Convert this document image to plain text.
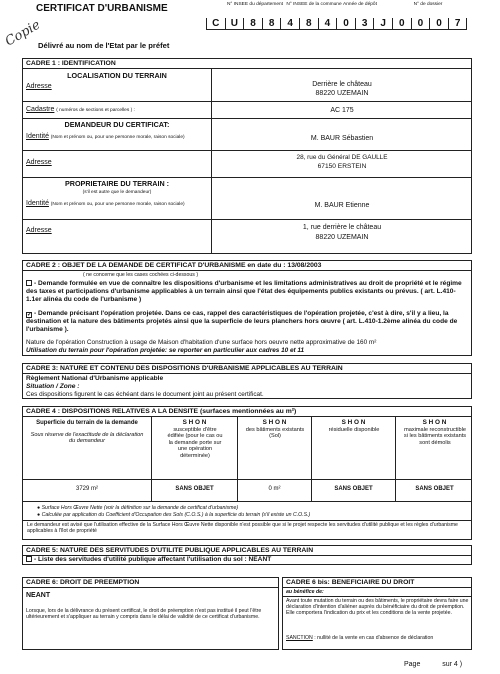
Copie
CERTIFICAT D'URBANISME	N° INSEE du département N° INSEE de la commune Année de dépôt	N° de dossier
C	U	8	8	4	8	4	0	3	J	0	0	0	7
Délivré au nom de l'Etat par le préfet
CADRE 1 : IDENTIFICATION
LOCALISATION DU TERRAIN
Adresse	Derrière le château
88220 UZEMAIN
Cadastre ( numéros de sections et parcelles ) :	AC 175
DEMANDEUR DU CERTIFICAT:
Identité (Nom et prénom ou, pour une personne morale, raison sociale)	M. BAUR Sébastien
Adresse
28, rue du Général DE GAULLE
67150 ERSTEIN
PROPRIETAIRE DU TERRAIN :
(s'il est autre que le demandeur)
Identité (Nom et prénom ou, pour une personne morale, raison sociale)	M. BAUR Etienne
Adresse	1, rue derrière le château
88220 UZEMAIN
CADRE 2 : OBJET DE LA DEMANDE DE CERTIFICAT D'URBANISME en date du : 13/08/2003
( ne concerne que les cases cochées ci-dessous )
- Demande formulée en vue de connaître les dispositions d'urbanisme et les limitations administratives au droit de propriété et le régime des taxes et participations d'urbanisme applicables à un terrain ainsi que l'état des équipements publics existants ou prévus. ( art. L.410-1.1er alinéa du code de l'urbanisme )
✓ - Demande précisant l'opération projetée. Dans ce cas, rappel des caractéristiques de l'opération projetée, c'est à dire, s'il y a lieu, la destination et la nature des bâtiments projetés ainsi que la superficie de leurs planchers hors œuvre ( art. L.410-1.2ème alinéa du code de l'urbanisme ).
Nature de l'opération Construction à usage de Maison d'habitation d'une surface hors oeuvre nette approximative de 160 m²
Utilisation du terrain pour l'opération projetée: se reporter en particulier aux cadres 10 et 11
CADRE 3: NATURE ET CONTENU DES DISPOSITIONS D'URBANISME APPLICABLES AU TERRAIN
Règlement National d'Urbanisme applicable
Situation / Zone :
Ces dispositions figurent le cas échéant dans le document joint au présent certificat.
CADRE 4 : DISPOSITIONS RELATIVES A LA DENSITE (surfaces mentionnées au m²)
Superficie du terrain de la demande
Sous réserve de l'exactitude de la déclaration du demandeur
S H O N
susceptible d'être édifiée (pour le cas ou la demande porte sur une opération déterminée)
S H O N
des bâtiments existants (Sol)
S H O N
résiduelle disponible
S H O N
maximale reconstructible si les bâtiments existants sont démolis
3729 m²	SANS OBJET	0 m²	SANS OBJET	SANS OBJET
● Surface Hors Œuvre Nette (voir la définition sur la demande de certificat d'urbanisme)
● Calculée par application du Coefficient d'Occupation des Sols (C.O.S.) à la superficie du terrain (s'il existe un C.O.S.)
Le demandeur est avisé que l'utilisation effective de la Surface Hors Œuvre Nette disponible n'est possible que si le projet respecte les servitudes d'utilité publique et les règles d'urbanisme applicables à l'îlot de propriété
CADRE 5: NATURE DES SERVITUDES D'UTILITE PUBLIQUE APPLICABLES AU TERRAIN
- Liste des servitudes d'utilité publique affectant l'utilisation du sol : NEANT
CADRE 6: DROIT DE PREEMPTION
NEANT
Lorsque, lors de la délivrance du présent certificat, le droit de préemption n'est pas institué il peut l'être ultérieurement et s'appliquer au terrain y compris dans le délai de validité de ce certificat d'urbanisme.
CADRE 6 bis: BENEFICIAIRE DU DROIT
au bénéfice de:
Avant toute mutation du terrain ou des bâtiments, le propriétaire devra faire une déclaration d'intention d'aliéner auprès du bénéficiaire du droit de préemption. Elle comportera l'indication du prix et les conditions de la vente projetée.
SANCTION : nullité de la vente en cas d'absence de déclaration
Page	sur 4 )
